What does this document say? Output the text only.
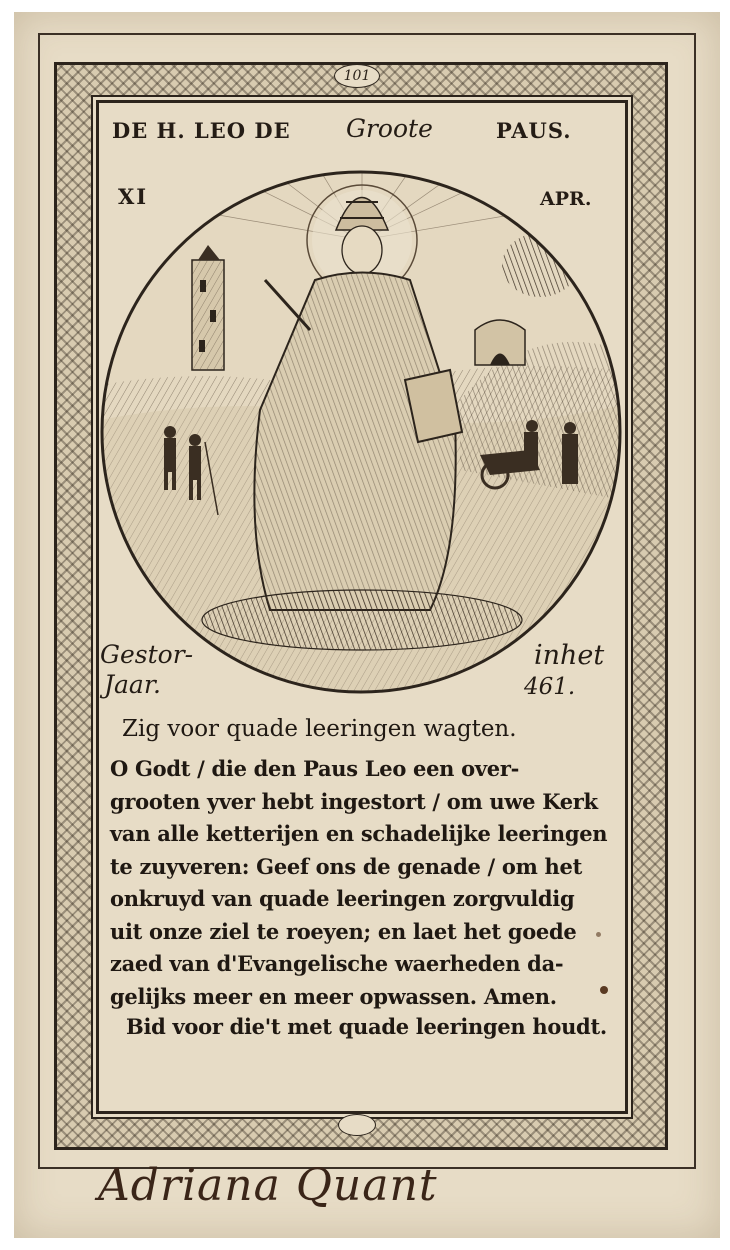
101
DE H. LEO DE Groote	PAUS.
XI	APR.
Gestor-
Jaar.
inhet
461.
Zig voor quade leeringen wagten.
O Godt / die den Paus Leo een over-
grooten yver hebt ingestort / om uwe Kerk
van alle ketterijen en schadelijke leeringen
te zuyveren: Geef ons de genade / om het
onkruyd van quade leeringen zorgvuldig
uit onze ziel te roeyen; en laet het goede
zaed van d'Evangelische waerheden da-
gelijks meer en meer opwassen. Amen.
Bid voor die't met quade leeringen houdt.
Adriana Quant
